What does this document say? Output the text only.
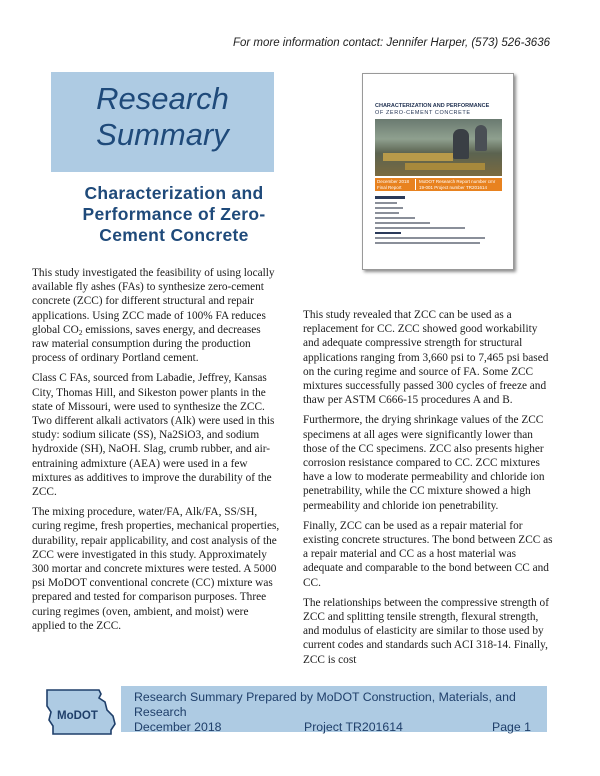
For more information contact: Jennifer Harper, (573) 526-3636
Research
Summary
Characterization and Performance of Zero-Cement Concrete
CHARACTERIZATION AND PERFORMANCE
OF ZERO-CEMENT CONCRETE
December 2018 Final Report
MoDOT Research Report number cmr 19-001 Project number TR201614

This study investigated the feasibility of using locally available fly ashes (FAs) to synthesize zero-cement concrete (ZCC) for different structural and repair applications. Using ZCC made of 100% FA reduces global $CO_2$ emissions, saves energy, and decreases raw material consumption during the production process of ordinary Portland cement.

Class C FAs, sourced from Labadie, Jeffrey, Kansas City, Thomas Hill, and Sikeston power plants in the state of Missouri, were used to synthesize the ZCC. Two different alkali activators (Alk) were used in this study: sodium silicate (SS), Na2SiO3, and sodium hydroxide (SH), NaOH. Slag, crumb rubber, and air-entraining admixture (AEA) were used in a few mixtures as additives to improve the durability of the ZCC.

The mixing procedure, water/FA, Alk/FA, SS/SH, curing regime, fresh properties, mechanical properties, durability, repair applicability, and cost analysis of the ZCC were investigated in this study. Approximately 300 mortar and concrete mixtures were tested. A 5000 psi MoDOT conventional concrete (CC) mixture was prepared and tested for comparison purposes. Three curing regimes (oven, ambient, and moist) were applied to the ZCC.

This study revealed that ZCC can be used as a replacement for CC. ZCC showed good workability and adequate compressive strength for structural applications ranging from 3,660 psi to 7,465 psi based on the curing regime and source of FA. Some ZCC mixtures successfully passed 300 cycles of freeze and thaw per ASTM C666-15 procedures A and B.

Furthermore, the drying shrinkage values of the ZCC specimens at all ages were significantly lower than those of the CC specimens. ZCC also presents higher corrosion resistance compared to CC. ZCC mixtures have a low to moderate permeability and chloride ion penetrability, while the CC mixture showed a high permeability and chloride ion penetrability.

Finally, ZCC can be used as a repair material for existing concrete structures. The bond between ZCC as a repair material and CC as a host material was adequate and comparable to the bond between CC and CC.

The relationships between the compressive strength of ZCC and splitting tensile strength, flexural strength, and modulus of elasticity are similar to those used by current codes and standards such ACI 318-14. Finally, ZCC is cost

MoDOT
Research Summary Prepared by MoDOT Construction, Materials, and Research
December 2018	Project TR201614	Page 1
